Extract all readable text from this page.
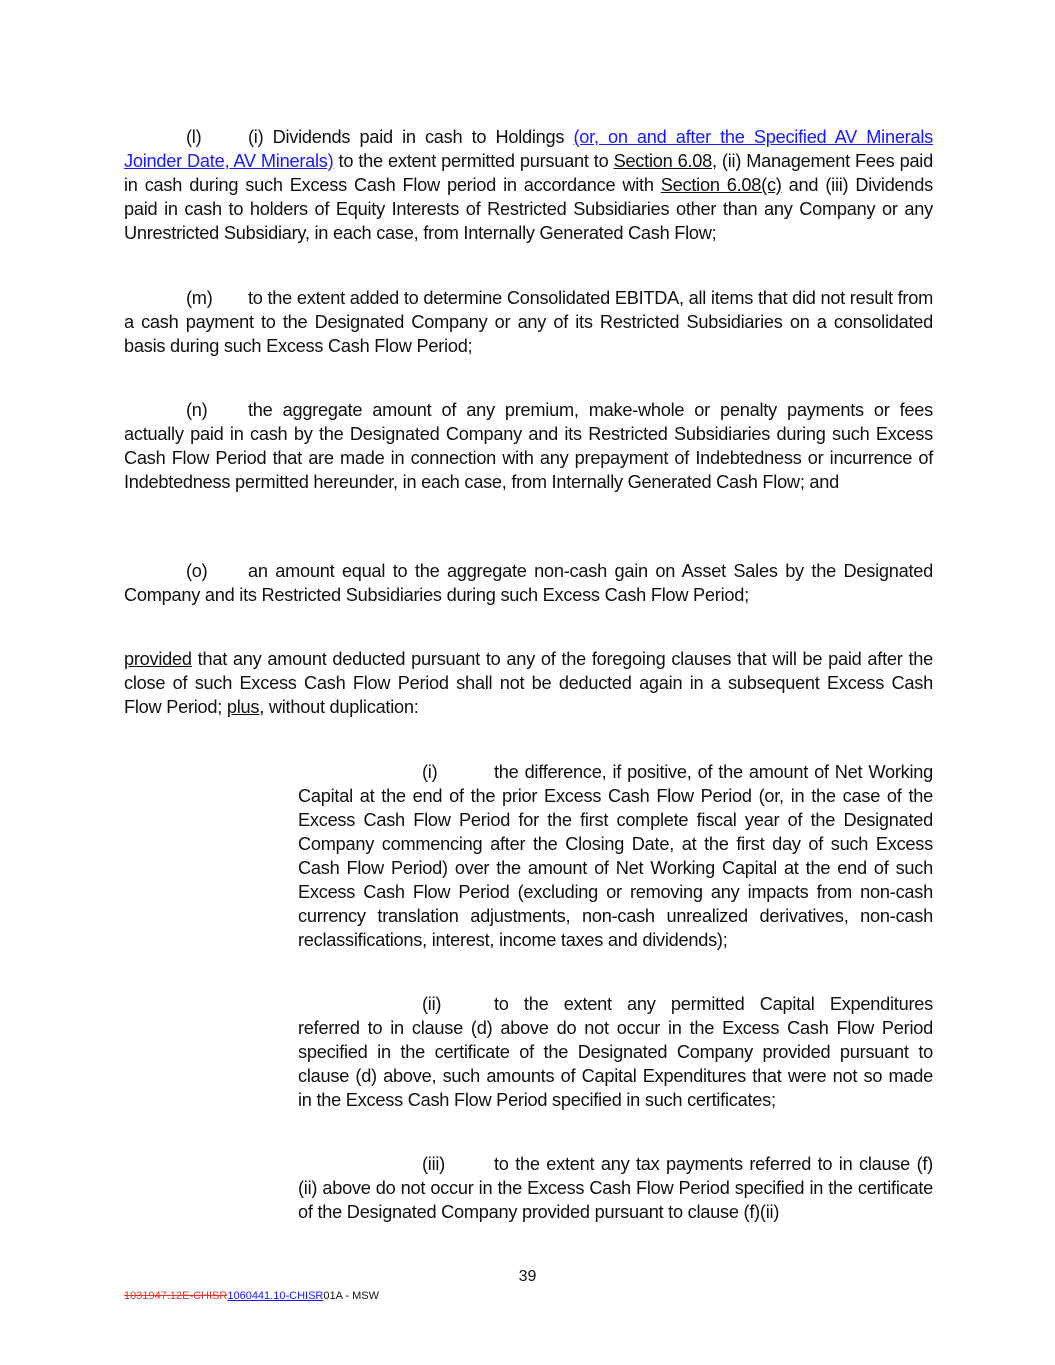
(l)	(i) Dividends paid in cash to Holdings (or, on and after the Specified AV Minerals Joinder Date, AV Minerals) to the extent permitted pursuant to Section 6.08, (ii) Management Fees paid in cash during such Excess Cash Flow period in accordance with Section 6.08(c) and (iii) Dividends paid in cash to holders of Equity Interests of Restricted Subsidiaries other than any Company or any Unrestricted Subsidiary, in each case, from Internally Generated Cash Flow;
(m) to the extent added to determine Consolidated EBITDA, all items that did not result from a cash payment to the Designated Company or any of its Restricted Subsidiaries on a consolidated basis during such Excess Cash Flow Period;
(n) the aggregate amount of any premium, make-whole or penalty payments or fees actually paid in cash by the Designated Company and its Restricted Subsidiaries during such Excess Cash Flow Period that are made in connection with any prepayment of Indebtedness or incurrence of Indebtedness permitted hereunder, in each case, from Internally Generated Cash Flow; and
(o) an amount equal to the aggregate non-cash gain on Asset Sales by the Designated Company and its Restricted Subsidiaries during such Excess Cash Flow Period;
provided that any amount deducted pursuant to any of the foregoing clauses that will be paid after the close of such Excess Cash Flow Period shall not be deducted again in a subsequent Excess Cash Flow Period; plus, without duplication:
(i)	the difference, if positive, of the amount of Net Working Capital at the end of the prior Excess Cash Flow Period (or, in the case of the Excess Cash Flow Period for the first complete fiscal year of the Designated Company commencing after the Closing Date, at the first day of such Excess Cash Flow Period) over the amount of Net Working Capital at the end of such Excess Cash Flow Period (excluding or removing any impacts from non-cash currency translation adjustments, non-cash unrealized derivatives, non-cash reclassifications, interest, income taxes and dividends);
(ii)	to the extent any permitted Capital Expenditures referred to in clause (d) above do not occur in the Excess Cash Flow Period specified in the certificate of the Designated Company provided pursuant to clause (d) above, such amounts of Capital Expenditures that were not so made in the Excess Cash Flow Period specified in such certificates;
(iii)	to the extent any tax payments referred to in clause (f)(ii) above do not occur in the Excess Cash Flow Period specified in the certificate of the Designated Company provided pursuant to clause (f)(ii)
39
1031947.12E-CHISR1060441.10-CHISR01A - MSW
